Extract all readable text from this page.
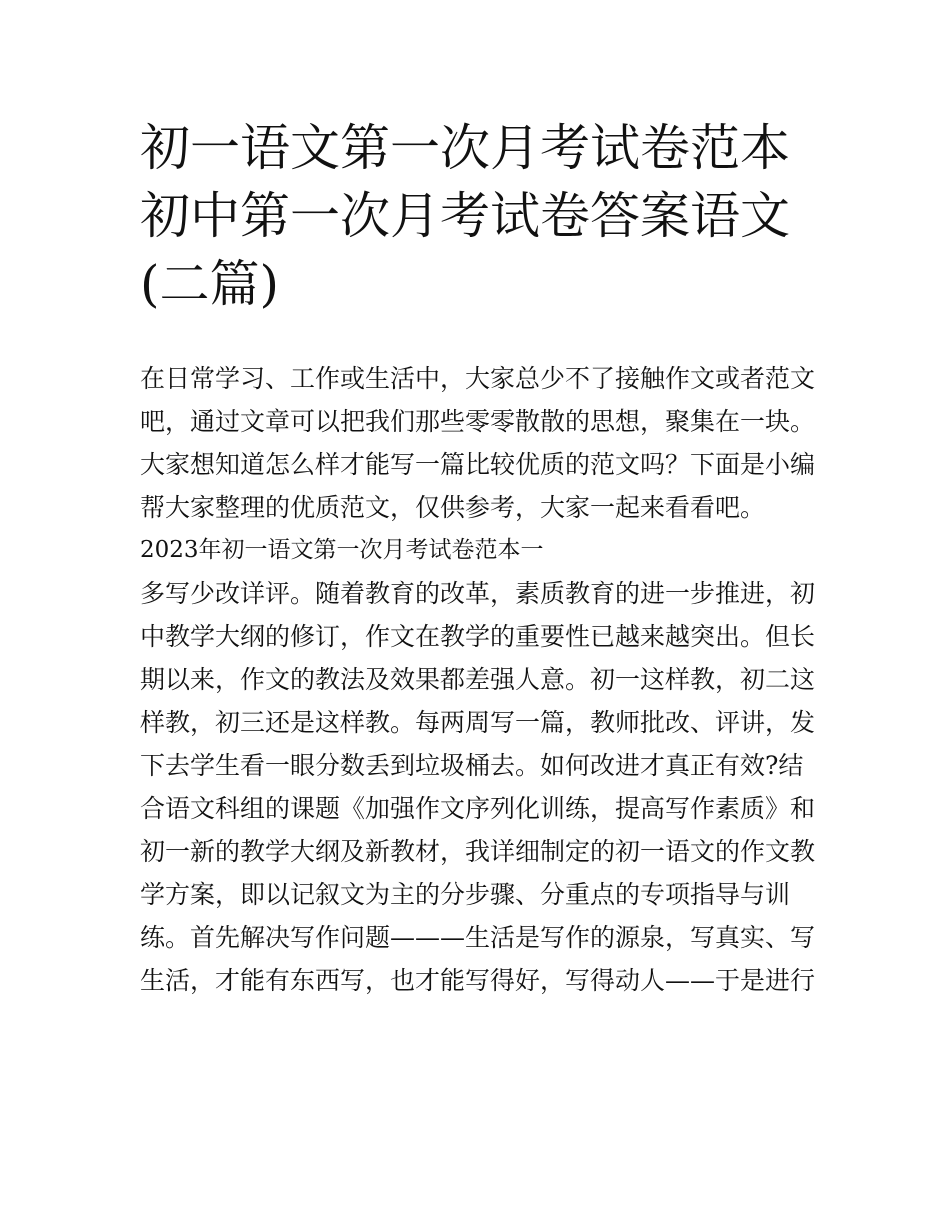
初一语文第一次月考试卷范本
初中第一次月考试卷答案语文
(二篇)
在日常学习、工作或生活中，大家总少不了接触作文或者范文
吧，通过文章可以把我们那些零零散散的思想，聚集在一块。
大家想知道怎么样才能写一篇比较优质的范文吗？下面是小编
帮大家整理的优质范文，仅供参考，大家一起来看看吧。
2023年初一语文第一次月考试卷范本一
多写少改详评。随着教育的改革，素质教育的进一步推进，初
中教学大纲的修订，作文在教学的重要性已越来越突出。但长
期以来，作文的教法及效果都差强人意。初一这样教，初二这
样教，初三还是这样教。每两周写一篇，教师批改、评讲，发
下去学生看一眼分数丢到垃圾桶去。如何改进才真正有效?结
合语文科组的课题《加强作文序列化训练，提高写作素质》和
初一新的教学大纲及新教材，我详细制定的初一语文的作文教
学方案，即以记叙文为主的分步骤、分重点的专项指导与训
练。首先解决写作问题———生活是写作的源泉，写真实、写
生活，才能有东西写，也才能写得好，写得动人——于是进行
